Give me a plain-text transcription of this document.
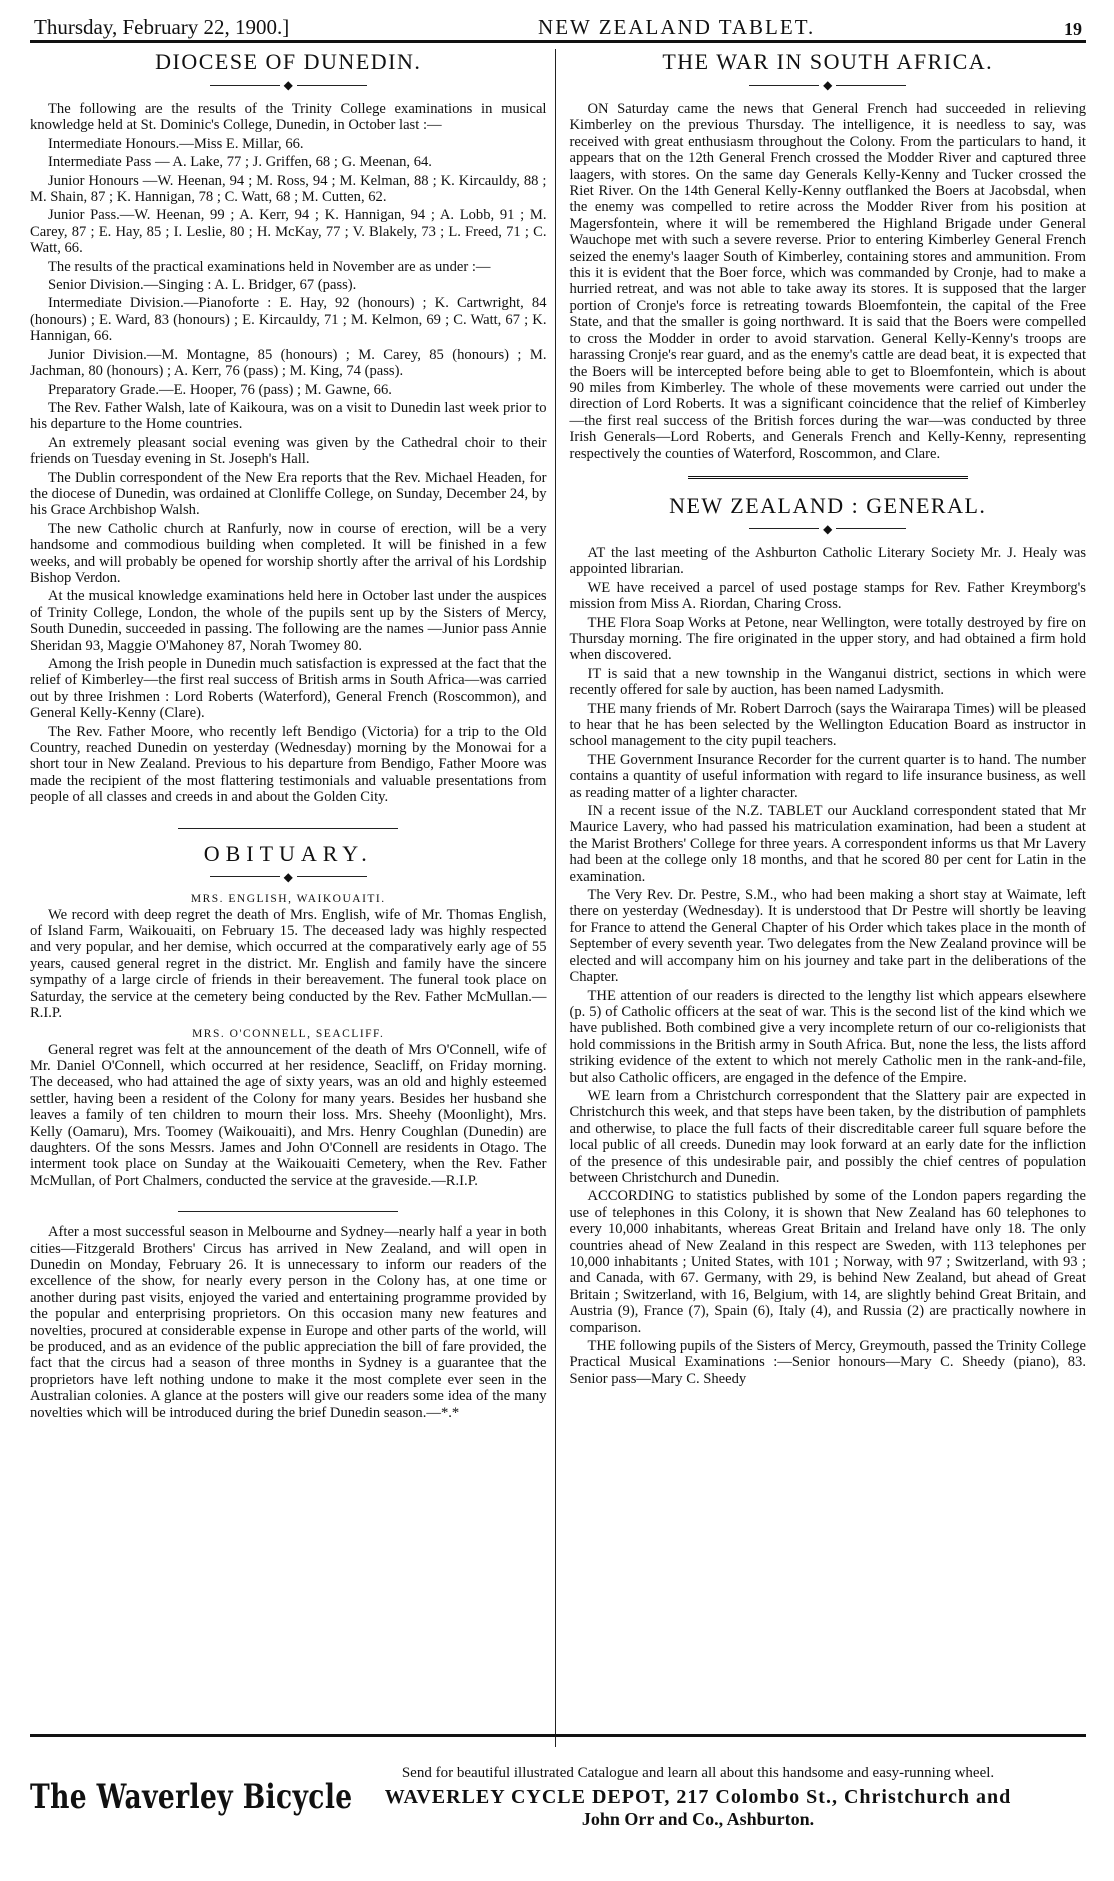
Thursday, February 22, 1900.]	NEW ZEALAND TABLET.	19
DIOCESE OF DUNEDIN.
◆

The following are the results of the Trinity College examinations in musical knowledge held at St. Dominic's College, Dunedin, in October last :—

Intermediate Honours.—Miss E. Millar, 66.

Intermediate Pass — A. Lake, 77 ; J. Griffen, 68 ; G. Meenan, 64.

Junior Honours —W. Heenan, 94 ; M. Ross, 94 ; M. Kelman, 88 ; K. Kircauldy, 88 ; M. Shain, 87 ; K. Hannigan, 78 ; C. Watt, 68 ; M. Cutten, 62.

Junior Pass.—W. Heenan, 99 ; A. Kerr, 94 ; K. Hannigan, 94 ; A. Lobb, 91 ; M. Carey, 87 ; E. Hay, 85 ; I. Leslie, 80 ; H. McKay, 77 ; V. Blakely, 73 ; L. Freed, 71 ; C. Watt, 66.

The results of the practical examinations held in November are as under :—

Senior Division.—Singing : A. L. Bridger, 67 (pass).

Intermediate Division.—Pianoforte : E. Hay, 92 (honours) ; K. Cartwright, 84 (honours) ; E. Ward, 83 (honours) ; E. Kircauldy, 71 ; M. Kelmon, 69 ; C. Watt, 67 ; K. Hannigan, 66.

Junior Division.—M. Montagne, 85 (honours) ; M. Carey, 85 (honours) ; M. Jachman, 80 (honours) ; A. Kerr, 76 (pass) ; M. King, 74 (pass).

Preparatory Grade.—E. Hooper, 76 (pass) ; M. Gawne, 66.

The Rev. Father Walsh, late of Kaikoura, was on a visit to Dunedin last week prior to his departure to the Home countries.

An extremely pleasant social evening was given by the Cathedral choir to their friends on Tuesday evening in St. Joseph's Hall.

The Dublin correspondent of the New Era reports that the Rev. Michael Headen, for the diocese of Dunedin, was ordained at Clonliffe College, on Sunday, December 24, by his Grace Archbishop Walsh.

The new Catholic church at Ranfurly, now in course of erection, will be a very handsome and commodious building when completed. It will be finished in a few weeks, and will probably be opened for worship shortly after the arrival of his Lordship Bishop Verdon.

At the musical knowledge examinations held here in October last under the auspices of Trinity College, London, the whole of the pupils sent up by the Sisters of Mercy, South Dunedin, succeeded in passing. The following are the names —Junior pass Annie Sheridan 93, Maggie O'Mahoney 87, Norah Twomey 80.

Among the Irish people in Dunedin much satisfaction is expressed at the fact that the relief of Kimberley—the first real success of British arms in South Africa—was carried out by three Irishmen : Lord Roberts (Waterford), General French (Roscommon), and General Kelly-Kenny (Clare).

The Rev. Father Moore, who recently left Bendigo (Victoria) for a trip to the Old Country, reached Dunedin on yesterday (Wednesday) morning by the Monowai for a short tour in New Zealand. Previous to his departure from Bendigo, Father Moore was made the recipient of the most flattering testimonials and valuable presentations from people of all classes and creeds in and about the Golden City.

OBITUARY.
◆
MRS. ENGLISH, WAIKOUAITI.

We record with deep regret the death of Mrs. English, wife of Mr. Thomas English, of Island Farm, Waikouaiti, on February 15. The deceased lady was highly respected and very popular, and her demise, which occurred at the comparatively early age of 55 years, caused general regret in the district. Mr. English and family have the sincere sympathy of a large circle of friends in their bereavement. The funeral took place on Saturday, the service at the cemetery being conducted by the Rev. Father McMullan.—R.I.P.

MRS. O'CONNELL, SEACLIFF.

General regret was felt at the announcement of the death of Mrs O'Connell, wife of Mr. Daniel O'Connell, which occurred at her residence, Seacliff, on Friday morning. The deceased, who had attained the age of sixty years, was an old and highly esteemed settler, having been a resident of the Colony for many years. Besides her husband she leaves a family of ten children to mourn their loss. Mrs. Sheehy (Moonlight), Mrs. Kelly (Oamaru), Mrs. Toomey (Waikouaiti), and Mrs. Henry Coughlan (Dunedin) are daughters. Of the sons Messrs. James and John O'Connell are residents in Otago. The interment took place on Sunday at the Waikouaiti Cemetery, when the Rev. Father McMullan, of Port Chalmers, conducted the service at the graveside.—R.I.P.

After a most successful season in Melbourne and Sydney—nearly half a year in both cities—Fitzgerald Brothers' Circus has arrived in New Zealand, and will open in Dunedin on Monday, February 26. It is unnecessary to inform our readers of the excellence of the show, for nearly every person in the Colony has, at one time or another during past visits, enjoyed the varied and entertaining programme provided by the popular and enterprising proprietors. On this occasion many new features and novelties, procured at considerable expense in Europe and other parts of the world, will be produced, and as an evidence of the public appreciation the bill of fare provided, the fact that the circus had a season of three months in Sydney is a guarantee that the proprietors have left nothing undone to make it the most complete ever seen in the Australian colonies. A glance at the posters will give our readers some idea of the many novelties which will be introduced during the brief Dunedin season.—*.*

THE WAR IN SOUTH AFRICA.
◆

ON Saturday came the news that General French had succeeded in relieving Kimberley on the previous Thursday. The intelligence, it is needless to say, was received with great enthusiasm throughout the Colony. From the particulars to hand, it appears that on the 12th General French crossed the Modder River and captured three laagers, with stores. On the same day Generals Kelly-Kenny and Tucker crossed the Riet River. On the 14th General Kelly-Kenny outflanked the Boers at Jacobsdal, when the enemy was compelled to retire across the Modder River from his position at Magersfontein, where it will be remembered the Highland Brigade under General Wauchope met with such a severe reverse. Prior to entering Kimberley General French seized the enemy's laager South of Kimberley, containing stores and ammunition. From this it is evident that the Boer force, which was commanded by Cronje, had to make a hurried retreat, and was not able to take away its stores. It is supposed that the larger portion of Cronje's force is retreating towards Bloemfontein, the capital of the Free State, and that the smaller is going northward. It is said that the Boers were compelled to cross the Modder in order to avoid starvation. General Kelly-Kenny's troops are harassing Cronje's rear guard, and as the enemy's cattle are dead beat, it is expected that the Boers will be intercepted before being able to get to Bloemfontein, which is about 90 miles from Kimberley. The whole of these movements were carried out under the direction of Lord Roberts. It was a significant coincidence that the relief of Kimberley—the first real success of the British forces during the war—was conducted by three Irish Generals—Lord Roberts, and Generals French and Kelly-Kenny, representing respectively the counties of Waterford, Roscommon, and Clare.

NEW ZEALAND : GENERAL.
◆

AT the last meeting of the Ashburton Catholic Literary Society Mr. J. Healy was appointed librarian.

WE have received a parcel of used postage stamps for Rev. Father Kreymborg's mission from Miss A. Riordan, Charing Cross.

THE Flora Soap Works at Petone, near Wellington, were totally destroyed by fire on Thursday morning. The fire originated in the upper story, and had obtained a firm hold when discovered.

IT is said that a new township in the Wanganui district, sections in which were recently offered for sale by auction, has been named Ladysmith.

THE many friends of Mr. Robert Darroch (says the Wairarapa Times) will be pleased to hear that he has been selected by the Wellington Education Board as instructor in school management to the city pupil teachers.

THE Government Insurance Recorder for the current quarter is to hand. The number contains a quantity of useful information with regard to life insurance business, as well as reading matter of a lighter character.

IN a recent issue of the N.Z. TABLET our Auckland correspondent stated that Mr Maurice Lavery, who had passed his matriculation examination, had been a student at the Marist Brothers' College for three years. A correspondent informs us that Mr Lavery had been at the college only 18 months, and that he scored 80 per cent for Latin in the examination.

The Very Rev. Dr. Pestre, S.M., who had been making a short stay at Waimate, left there on yesterday (Wednesday). It is understood that Dr Pestre will shortly be leaving for France to attend the General Chapter of his Order which takes place in the month of September of every seventh year. Two delegates from the New Zealand province will be elected and will accompany him on his journey and take part in the deliberations of the Chapter.

THE attention of our readers is directed to the lengthy list which appears elsewhere (p. 5) of Catholic officers at the seat of war. This is the second list of the kind which we have published. Both combined give a very incomplete return of our co-religionists that hold commissions in the British army in South Africa. But, none the less, the lists afford striking evidence of the extent to which not merely Catholic men in the rank-and-file, but also Catholic officers, are engaged in the defence of the Empire.

WE learn from a Christchurch correspondent that the Slattery pair are expected in Christchurch this week, and that steps have been taken, by the distribution of pamphlets and otherwise, to place the full facts of their discreditable career full square before the local public of all creeds. Dunedin may look forward at an early date for the infliction of the presence of this undesirable pair, and possibly the chief centres of population between Christchurch and Dunedin.

ACCORDING to statistics published by some of the London papers regarding the use of telephones in this Colony, it is shown that New Zealand has 60 telephones to every 10,000 inhabitants, whereas Great Britain and Ireland have only 18. The only countries ahead of New Zealand in this respect are Sweden, with 113 telephones per 10,000 inhabitants ; United States, with 101 ; Norway, with 97 ; Switzerland, with 93 ; and Canada, with 67. Germany, with 29, is behind New Zealand, but ahead of Great Britain ; Switzerland, with 16, Belgium, with 14, are slightly behind Great Britain, and Austria (9), France (7), Spain (6), Italy (4), and Russia (2) are practically nowhere in comparison.

THE following pupils of the Sisters of Mercy, Greymouth, passed the Trinity College Practical Musical Examinations :—Senior honours—Mary C. Sheedy (piano), 83. Senior pass—Mary C. Sheedy

The Waverley Bicycle
Send for beautiful illustrated Catalogue and learn all about this handsome and easy-running wheel.
WAVERLEY CYCLE DEPOT, 217 Colombo St., Christchurch and
John Orr and Co., Ashburton.
